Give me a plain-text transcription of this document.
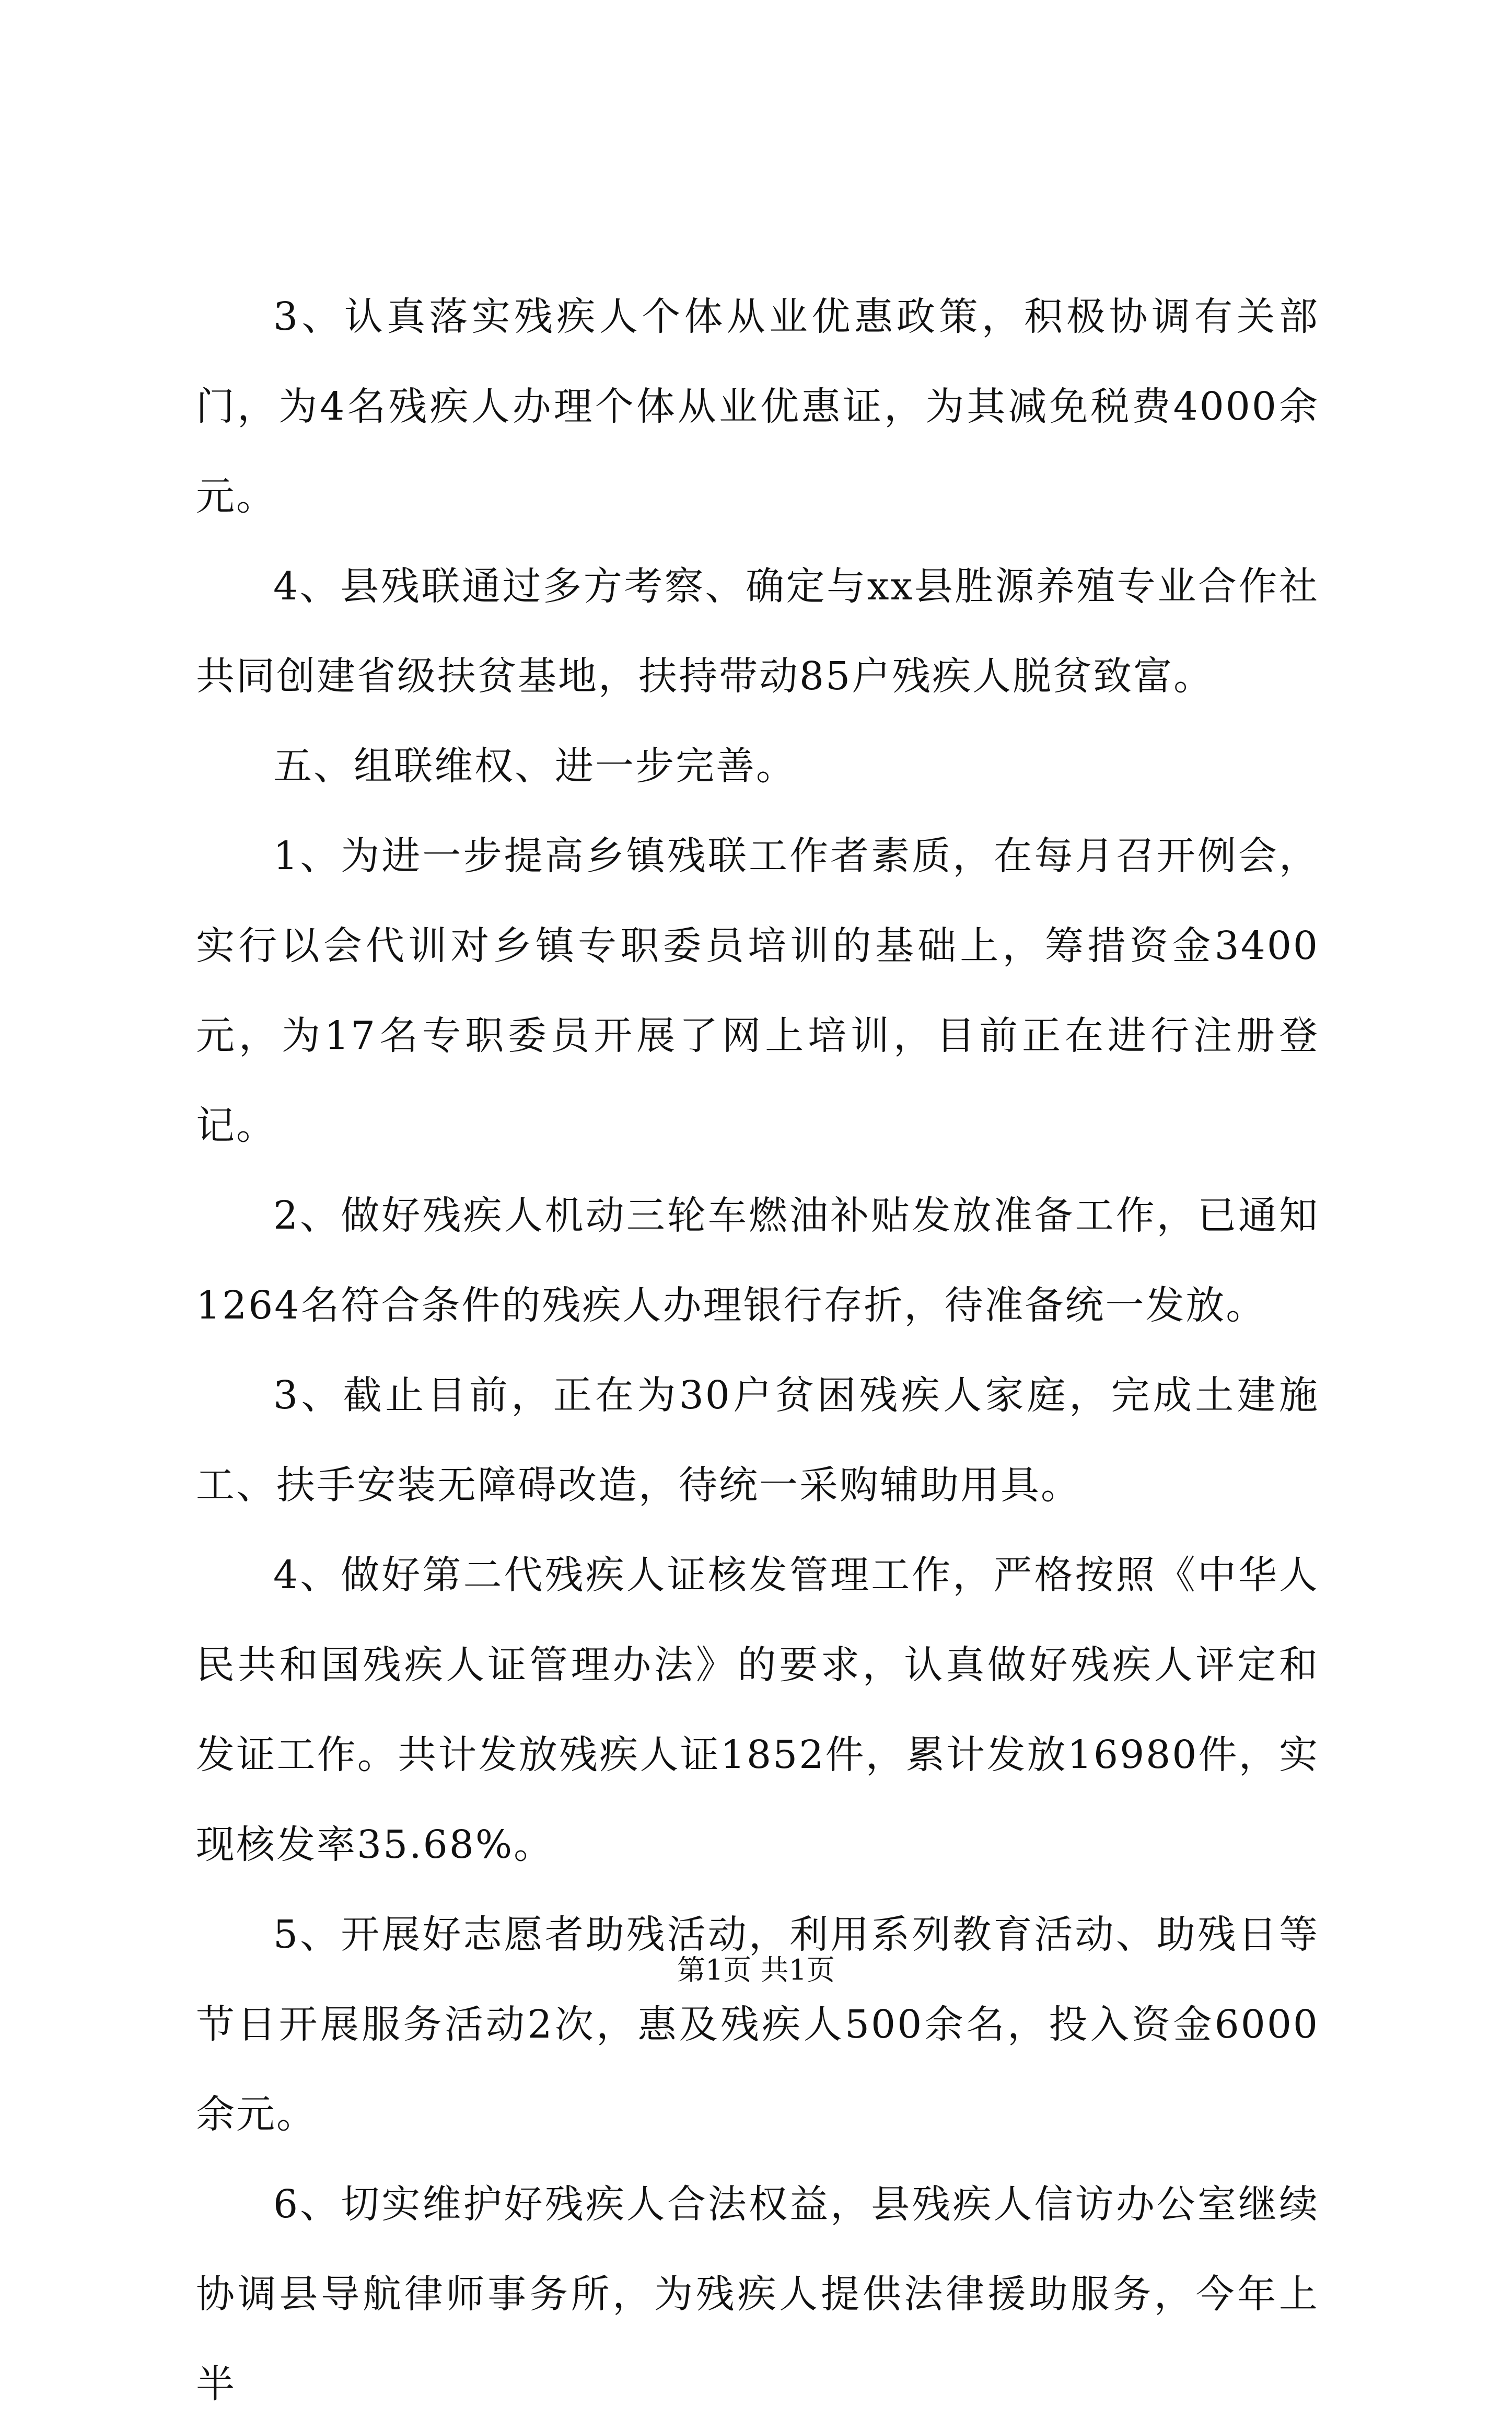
3、认真落实残疾人个体从业优惠政策，积极协调有关部门，为4名残疾人办理个体从业优惠证，为其减免税费4000余元。

4、县残联通过多方考察、确定与xx县胜源养殖专业合作社共同创建省级扶贫基地，扶持带动85户残疾人脱贫致富。

五、组联维权、进一步完善。

1、为进一步提高乡镇残联工作者素质，在每月召开例会，实行以会代训对乡镇专职委员培训的基础上，筹措资金3400元，为17名专职委员开展了网上培训，目前正在进行注册登记。

2、做好残疾人机动三轮车燃油补贴发放准备工作，已通知1264名符合条件的残疾人办理银行存折，待准备统一发放。

3、截止目前，正在为30户贫困残疾人家庭，完成土建施工、扶手安装无障碍改造，待统一采购辅助用具。

4、做好第二代残疾人证核发管理工作，严格按照《中华人民共和国残疾人证管理办法》的要求，认真做好残疾人评定和发证工作。共计发放残疾人证1852件，累计发放16980件，实现核发率35.68%。

5、开展好志愿者助残活动，利用系列教育活动、助残日等节日开展服务活动2次，惠及残疾人500余名，投入资金6000余元。

6、切实维护好残疾人合法权益，县残疾人信访办公室继续协调县导航律师事务所，为残疾人提供法律援助服务，今年上半

第1页 共1页
